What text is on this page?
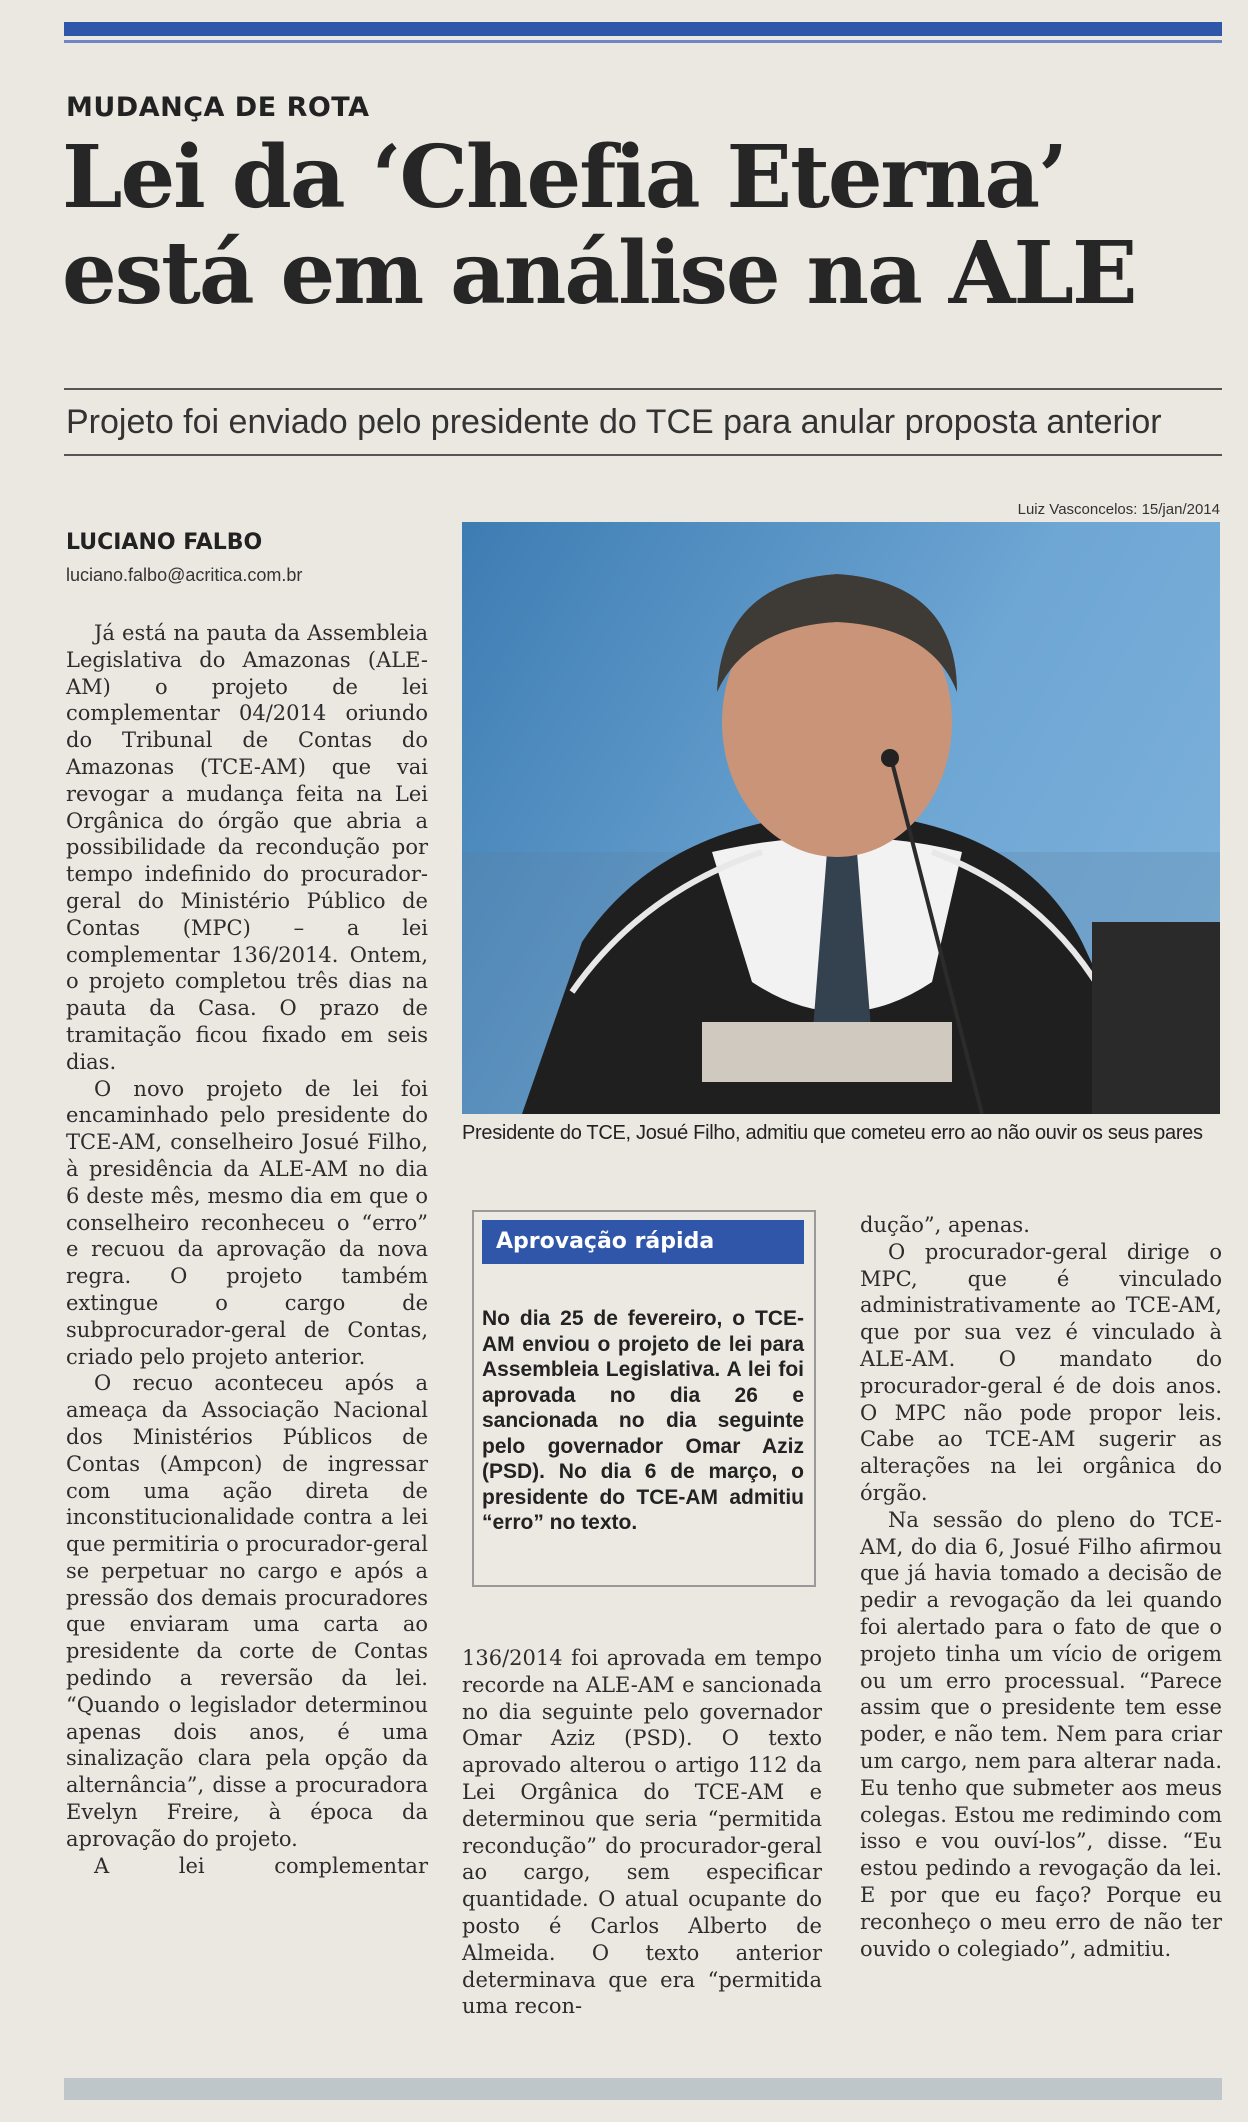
MUDANÇA DE ROTA
Lei da ‘Chefia Eterna’
está em análise na ALE
Projeto foi enviado pelo presidente do TCE para anular proposta anterior
Luiz Vasconcelos: 15/jan/2014
Presidente do TCE, Josué Filho, admitiu que cometeu erro ao não ouvir os seus pares
LUCIANO FALBO
luciano.falbo@acritica.com.br

Já está na pauta da Assembleia Legislativa do Amazonas (ALE-AM) o projeto de lei complementar 04/2014 oriundo do Tribunal de Contas do Amazonas (TCE-AM) que vai revogar a mudança feita na Lei Orgânica do órgão que abria a possibilidade da recondução por tempo indefinido do procurador-geral do Ministério Público de Contas (MPC) – a lei complementar 136/2014. Ontem, o projeto completou três dias na pauta da Casa. O prazo de tramitação ficou fixado em seis dias.

O novo projeto de lei foi encaminhado pelo presidente do TCE-AM, conselheiro Josué Filho, à presidência da ALE-AM no dia 6 deste mês, mesmo dia em que o conselheiro reconheceu o “erro” e recuou da aprovação da nova regra. O projeto também extingue o cargo de subprocurador-geral de Contas, criado pelo projeto anterior.

O recuo aconteceu após a ameaça da Associação Nacional dos Ministérios Públicos de Contas (Ampcon) de ingressar com uma ação direta de inconstitucionalidade contra a lei que permitiria o procurador-geral se perpetuar no cargo e após a pressão dos demais procuradores que enviaram uma carta ao presidente da corte de Contas pedindo a reversão da lei. “Quando o legislador determinou apenas dois anos, é uma sinalização clara pela opção da alternância”, disse a procuradora Evelyn Freire, à época da aprovação do projeto.

A lei complementar

Aprovação rápida
No dia 25 de fevereiro, o TCE-AM enviou o projeto de lei para Assembleia Legislativa. A lei foi aprovada no dia 26 e sancionada no dia seguinte pelo governador Omar Aziz (PSD). No dia 6 de março, o presidente do TCE-AM admitiu “erro” no texto.

136/2014 foi aprovada em tempo recorde na ALE-AM e sancionada no dia seguinte pelo governador Omar Aziz (PSD). O texto aprovado alterou o artigo 112 da Lei Orgânica do TCE-AM e determinou que seria “permitida recondução” do procurador-geral ao cargo, sem especificar quantidade. O atual ocupante do posto é Carlos Alberto de Almeida. O texto anterior determinava que era “permitida uma recon-

dução”, apenas.

O procurador-geral dirige o MPC, que é vinculado administrativamente ao TCE-AM, que por sua vez é vinculado à ALE-AM. O mandato do procurador-geral é de dois anos. O MPC não pode propor leis. Cabe ao TCE-AM sugerir as alterações na lei orgânica do órgão.

Na sessão do pleno do TCE-AM, do dia 6, Josué Filho afirmou que já havia tomado a decisão de pedir a revogação da lei quando foi alertado para o fato de que o projeto tinha um vício de origem ou um erro processual. “Parece assim que o presidente tem esse poder, e não tem. Nem para criar um cargo, nem para alterar nada. Eu tenho que submeter aos meus colegas. Estou me redimindo com isso e vou ouví-los”, disse. “Eu estou pedindo a revogação da lei. E por que eu faço? Porque eu reconheço o meu erro de não ter ouvido o colegiado”, admitiu.
